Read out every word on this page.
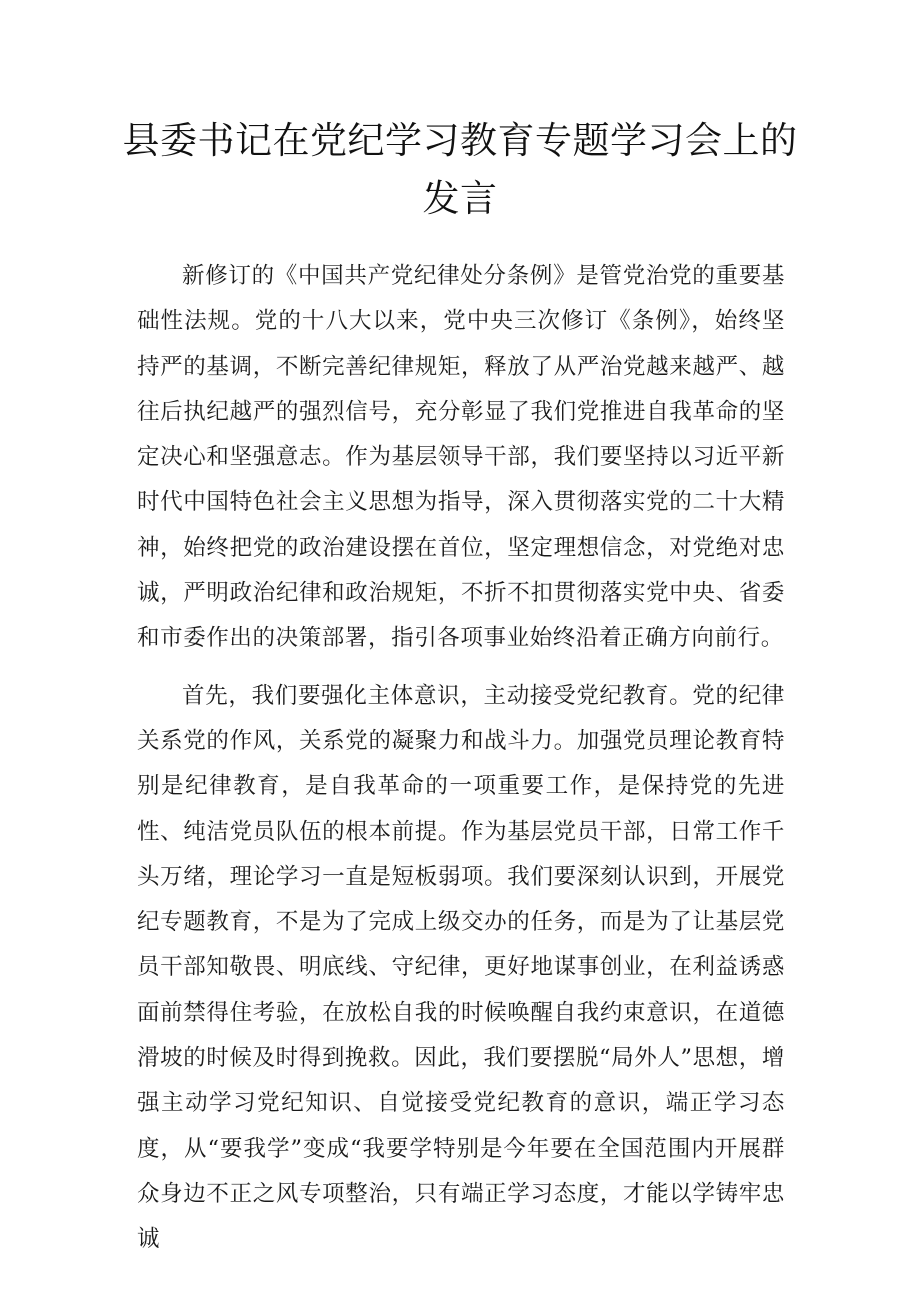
县委书记在党纪学习教育专题学习会上的发言

新修订的《中国共产党纪律处分条例》是管党治党的重要基础性法规。党的十八大以来，党中央三次修订《条例》，始终坚持严的基调，不断完善纪律规矩，释放了从严治党越来越严、越往后执纪越严的强烈信号，充分彰显了我们党推进自我革命的坚定决心和坚强意志。作为基层领导干部，我们要坚持以习近平新时代中国特色社会主义思想为指导，深入贯彻落实党的二十大精神，始终把党的政治建设摆在首位，坚定理想信念，对党绝对忠诚，严明政治纪律和政治规矩，不折不扣贯彻落实党中央、省委和市委作出的决策部署，指引各项事业始终沿着正确方向前行。

首先，我们要强化主体意识，主动接受党纪教育。党的纪律关系党的作风，关系党的凝聚力和战斗力。加强党员理论教育特别是纪律教育，是自我革命的一项重要工作，是保持党的先进性、纯洁党员队伍的根本前提。作为基层党员干部，日常工作千头万绪，理论学习一直是短板弱项。我们要深刻认识到，开展党纪专题教育，不是为了完成上级交办的任务，而是为了让基层党员干部知敬畏、明底线、守纪律，更好地谋事创业，在利益诱惑面前禁得住考验，在放松自我的时候唤醒自我约束意识，在道德滑坡的时候及时得到挽救。因此，我们要摆脱“局外人”思想，增强主动学习党纪知识、自觉接受党纪教育的意识，端正学习态度，从“要我学”变成“我要学特别是今年要在全国范围内开展群众身边不正之风专项整治，只有端正学习态度，才能以学铸牢忠诚
